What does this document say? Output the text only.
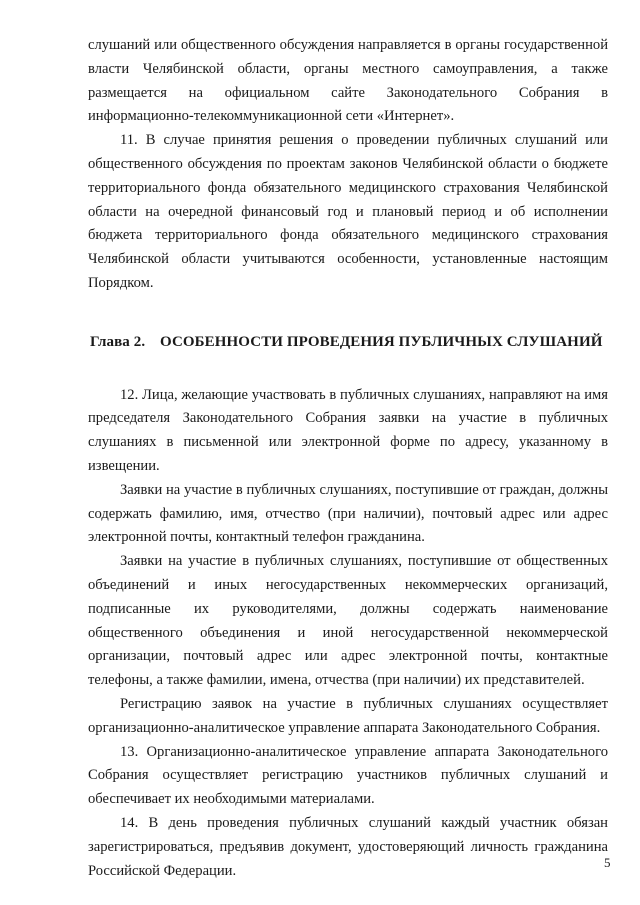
слушаний или общественного обсуждения направляется в органы государственной власти Челябинской области, органы местного самоуправления, а также размещается на официальном сайте Законодательного Собрания в информационно-телекоммуникационной сети «Интернет».

11. В случае принятия решения о проведении публичных слушаний или общественного обсуждения по проектам законов Челябинской области о бюджете территориального фонда обязательного медицинского страхования Челябинской области на очередной финансовый год и плановый период и об исполнении бюджета территориального фонда обязательного медицинского страхования Челябинской области учитываются особенности, установленные настоящим Порядком.

Глава 2. ОСОБЕННОСТИ ПРОВЕДЕНИЯ ПУБЛИЧНЫХ СЛУШАНИЙ

12. Лица, желающие участвовать в публичных слушаниях, направляют на имя председателя Законодательного Собрания заявки на участие в публичных слушаниях в письменной или электронной форме по адресу, указанному в извещении.

Заявки на участие в публичных слушаниях, поступившие от граждан, должны содержать фамилию, имя, отчество (при наличии), почтовый адрес или адрес электронной почты, контактный телефон гражданина.

Заявки на участие в публичных слушаниях, поступившие от общественных объединений и иных негосударственных некоммерческих организаций, подписанные их руководителями, должны содержать наименование общественного объединения и иной негосударственной некоммерческой организации, почтовый адрес или адрес электронной почты, контактные телефоны, а также фамилии, имена, отчества (при наличии) их представителей.

Регистрацию заявок на участие в публичных слушаниях осуществляет организационно-аналитическое управление аппарата Законодательного Собрания.

13. Организационно-аналитическое управление аппарата Законодательного Собрания осуществляет регистрацию участников публичных слушаний и обеспечивает их необходимыми материалами.

14. В день проведения публичных слушаний каждый участник обязан зарегистрироваться, предъявив документ, удостоверяющий личность гражданина Российской Федерации.	5
